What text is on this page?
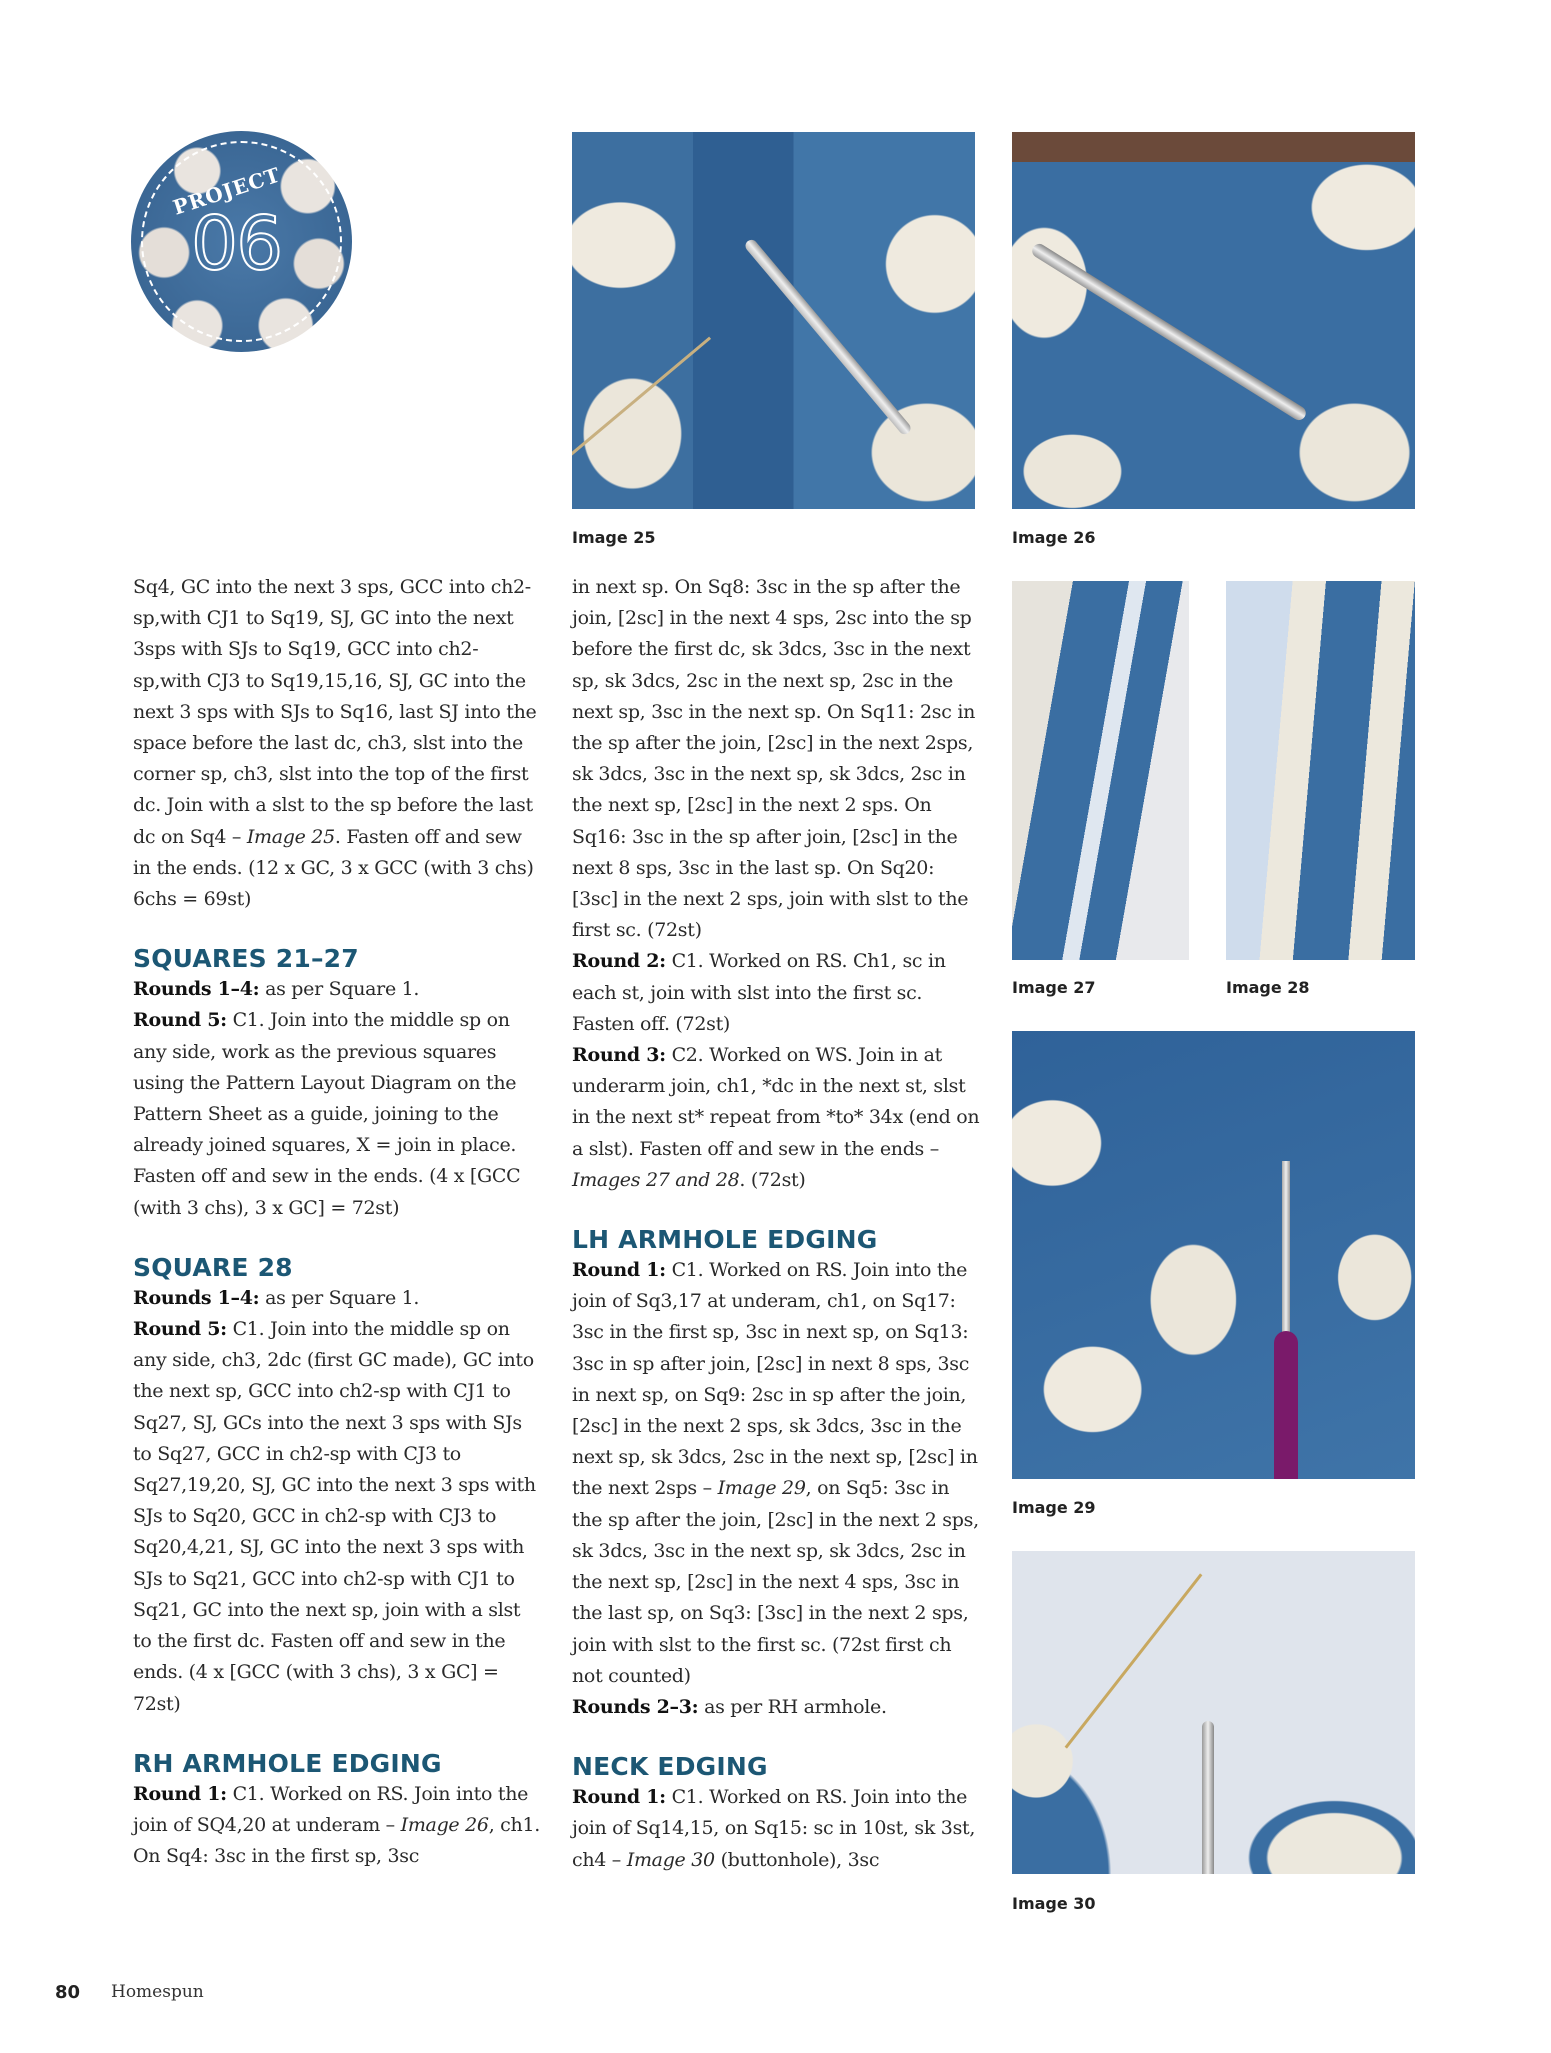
PROJECT
06
Image 25	Image 26
Image 27	Image 28
Image 29
Image 30

Sq4, GC into the next 3 sps, GCC into ch2-sp,with CJ1 to Sq19, SJ, GC into the next 3sps with SJs to Sq19, GCC into ch2-sp,with CJ3 to Sq19,15,16, SJ, GC into the next 3 sps with SJs to Sq16, last SJ into the space before the last dc, ch3, slst into the corner sp, ch3, slst into the top of the first dc. Join with a slst to the sp before the last dc on Sq4 – Image 25. Fasten off and sew in the ends. (12 x GC, 3 x GCC (with 3 chs) 6chs = 69st)

SQUARES 21–27

Rounds 1–4: as per Square 1.

Round 5: C1. Join into the middle sp on any side, work as the previous squares using the Pattern Layout Diagram on the Pattern Sheet as a guide, joining to the already joined squares, X = join in place. Fasten off and sew in the ends. (4 x [GCC (with 3 chs), 3 x GC] = 72st)

SQUARE 28

Rounds 1–4: as per Square 1.

Round 5: C1. Join into the middle sp on any side, ch3, 2dc (first GC made), GC into the next sp, GCC into ch2-sp with CJ1 to Sq27, SJ, GCs into the next 3 sps with SJs to Sq27, GCC in ch2-sp with CJ3 to Sq27,19,20, SJ, GC into the next 3 sps with SJs to Sq20, GCC in ch2-sp with CJ3 to Sq20,4,21, SJ, GC into the next 3 sps with SJs to Sq21, GCC into ch2-sp with CJ1 to Sq21, GC into the next sp, join with a slst to the first dc. Fasten off and sew in the ends. (4 x [GCC (with 3 chs), 3 x GC] = 72st)

RH ARMHOLE EDGING

Round 1: C1. Worked on RS. Join into the join of SQ4,20 at underam – Image 26, ch1. On Sq4: 3sc in the first sp, 3sc

in next sp. On Sq8: 3sc in the sp after the join, [2sc] in the next 4 sps, 2sc into the sp before the first dc, sk 3dcs, 3sc in the next sp, sk 3dcs, 2sc in the next sp, 2sc in the next sp, 3sc in the next sp. On Sq11: 2sc in the sp after the join, [2sc] in the next 2sps, sk 3dcs, 3sc in the next sp, sk 3dcs, 2sc in the next sp, [2sc] in the next 2 sps. On Sq16: 3sc in the sp after join, [2sc] in the next 8 sps, 3sc in the last sp. On Sq20: [3sc] in the next 2 sps, join with slst to the first sc. (72st)

Round 2: C1. Worked on RS. Ch1, sc in each st, join with slst into the first sc. Fasten off. (72st)

Round 3: C2. Worked on WS. Join in at underarm join, ch1, *dc in the next st, slst in the next st* repeat from *to* 34x (end on a slst). Fasten off and sew in the ends – Images 27 and 28. (72st)

LH ARMHOLE EDGING

Round 1: C1. Worked on RS. Join into the join of Sq3,17 at underam, ch1, on Sq17: 3sc in the first sp, 3sc in next sp, on Sq13: 3sc in sp after join, [2sc] in next 8 sps, 3sc in next sp, on Sq9: 2sc in sp after the join, [2sc] in the next 2 sps, sk 3dcs, 3sc in the next sp, sk 3dcs, 2sc in the next sp, [2sc] in the next 2sps – Image 29, on Sq5: 3sc in the sp after the join, [2sc] in the next 2 sps, sk 3dcs, 3sc in the next sp, sk 3dcs, 2sc in the next sp, [2sc] in the next 4 sps, 3sc in the last sp, on Sq3: [3sc] in the next 2 sps, join with slst to the first sc. (72st first ch not counted)

Rounds 2–3: as per RH armhole.

NECK EDGING

Round 1: C1. Worked on RS. Join into the join of Sq14,15, on Sq15: sc in 10st, sk 3st, ch4 – Image 30 (buttonhole), 3sc

80 Homespun
